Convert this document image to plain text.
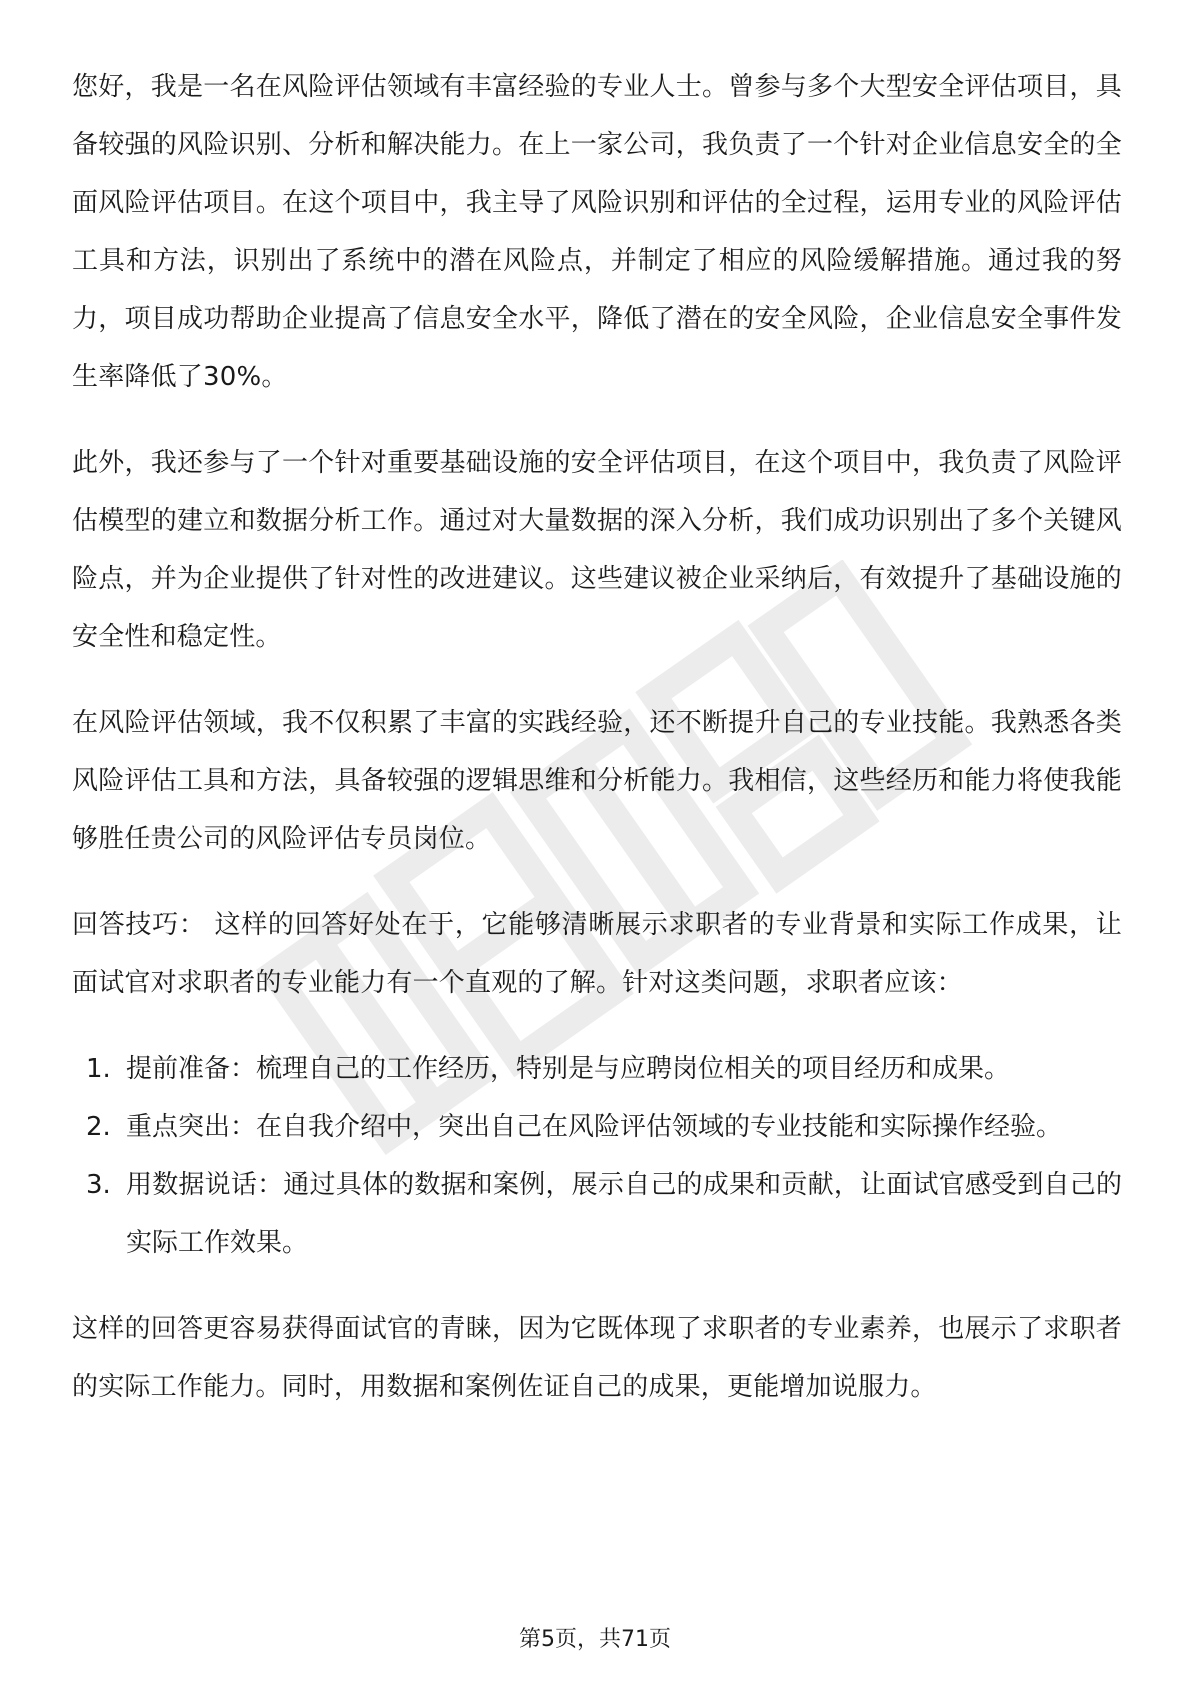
您好，我是一名在风险评估领域有丰富经验的专业人士。曾参与多个大型安全评估项目，具备较强的风险识别、分析和解决能力。在上一家公司，我负责了一个针对企业信息安全的全面风险评估项目。在这个项目中，我主导了风险识别和评估的全过程，运用专业的风险评估工具和方法，识别出了系统中的潜在风险点，并制定了相应的风险缓解措施。通过我的努力，项目成功帮助企业提高了信息安全水平，降低了潜在的安全风险，企业信息安全事件发生率降低了30%。

此外，我还参与了一个针对重要基础设施的安全评估项目，在这个项目中，我负责了风险评估模型的建立和数据分析工作。通过对大量数据的深入分析，我们成功识别出了多个关键风险点，并为企业提供了针对性的改进建议。这些建议被企业采纳后，有效提升了基础设施的安全性和稳定性。

在风险评估领域，我不仅积累了丰富的实践经验，还不断提升自己的专业技能。我熟悉各类风险评估工具和方法，具备较强的逻辑思维和分析能力。我相信，这些经历和能力将使我能够胜任贵公司的风险评估专员岗位。

回答技巧： 这样的回答好处在于，它能够清晰展示求职者的专业背景和实际工作成果，让面试官对求职者的专业能力有一个直观的了解。针对这类问题，求职者应该：

1. 提前准备：梳理自己的工作经历，特别是与应聘岗位相关的项目经历和成果。
2. 重点突出：在自我介绍中，突出自己在风险评估领域的专业技能和实际操作经验。
3. 用数据说话：通过具体的数据和案例，展示自己的成果和贡献，让面试官感受到自己的实际工作效果。

这样的回答更容易获得面试官的青睐，因为它既体现了求职者的专业素养，也展示了求职者的实际工作能力。同时，用数据和案例佐证自己的成果，更能增加说服力。

第5页，共71页
